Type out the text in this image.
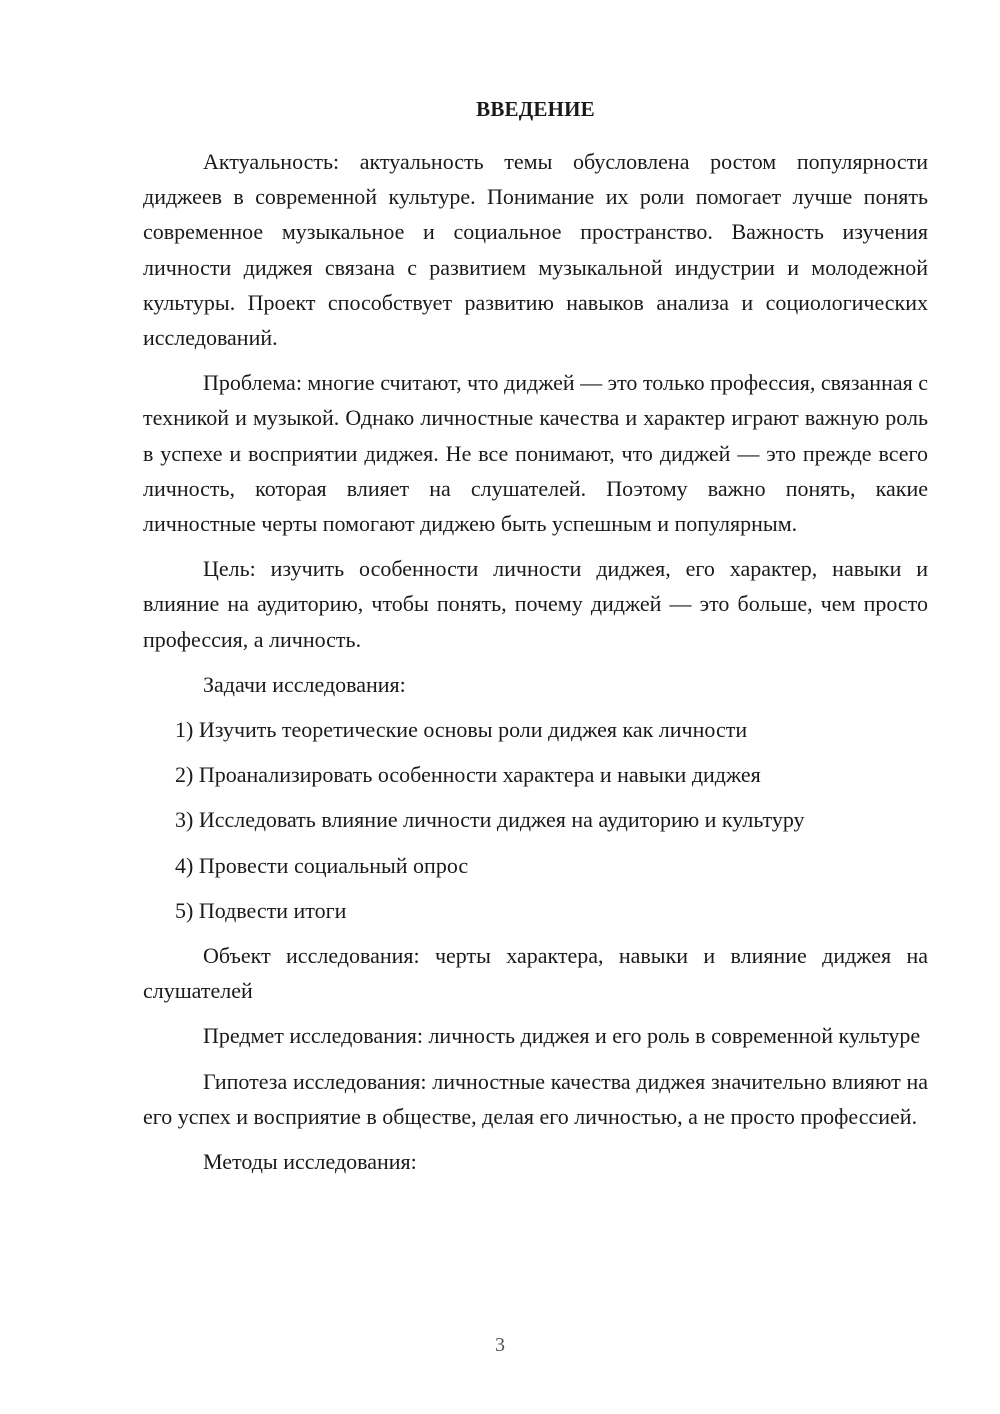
ВВЕДЕНИЕ

Актуальность: актуальность темы обусловлена ростом популярности диджеев в современной культуре. Понимание их роли помогает лучше понять современное музыкальное и социальное пространство. Важность изучения личности диджея связана с развитием музыкальной индустрии и молодежной культуры. Проект способствует развитию навыков анализа и социологических исследований.

Проблема: многие считают, что диджей — это только профессия, связанная с техникой и музыкой. Однако личностные качества и характер играют важную роль в успехе и восприятии диджея. Не все понимают, что диджей — это прежде всего личность, которая влияет на слушателей. Поэтому важно понять, какие личностные черты помогают диджею быть успешным и популярным.

Цель: изучить особенности личности диджея, его характер, навыки и влияние на аудиторию, чтобы понять, почему диджей — это больше, чем просто профессия, а личность.

Задачи исследования:

1) Изучить теоретические основы роли диджея как личности
2) Проанализировать особенности характера и навыки диджея
3) Исследовать влияние личности диджея на аудиторию и культуру
4) Провести социальный опрос
5) Подвести итоги

Объект исследования: черты характера, навыки и влияние диджея на слушателей

Предмет исследования: личность диджея и его роль в современной культуре

Гипотеза исследования: личностные качества диджея значительно влияют на его успех и восприятие в обществе, делая его личностью, а не просто профессией.

Методы исследования:

3
